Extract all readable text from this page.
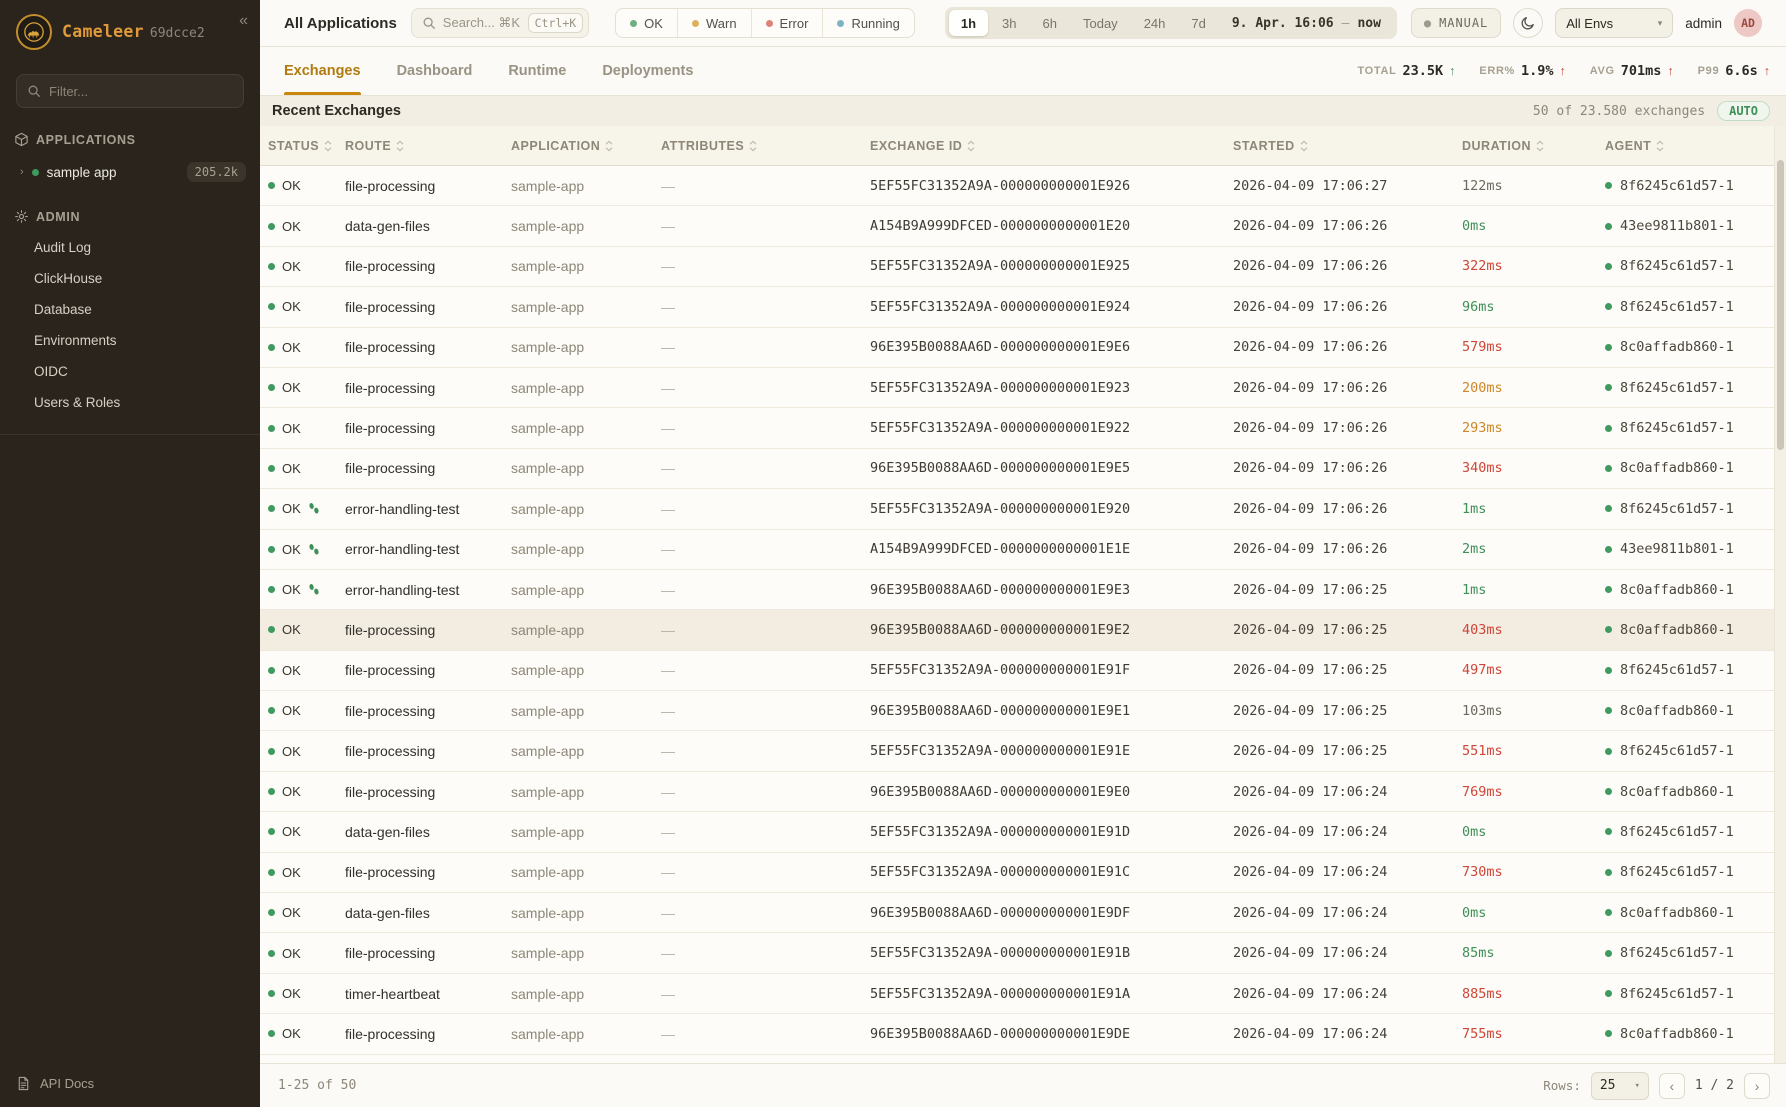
Cameleer 69dcce2
«
Filter...
APPLICATIONS
› sample app	205.2k
ADMIN
Audit Log
ClickHouse
Database
Environments
OIDC
Users & Roles
API Docs
All Applications	Search... ⌘K	Ctrl+K	OK	Warn	Error	Running	1h	3h	6h	Today	24h	7d	9. Apr. 16:06 – now	● MANUAL	All Envs	▾ admin	AD
Exchanges Dashboard Runtime Deployments	TOTAL 23.5K ↑ ERR% 1.9% ↑ AVG 701ms ↑ P99 6.6s ↑
Recent Exchanges	50 of 23.580 exchanges	AUTO
STATUS ROUTE	APPLICATION	ATTRIBUTES	EXCHANGE ID	STARTED	DURATION	AGENT
OK	file-processing	sample-app	—	5EF55FC31352A9A-000000000001E926	2026-04-09 17:06:27	122ms	8f6245c61d57-1
OK	data-gen-files	sample-app	—	A154B9A999DFCED-0000000000001E20	2026-04-09 17:06:26	0ms	43ee9811b801-1
OK	file-processing	sample-app	—	5EF55FC31352A9A-000000000001E925	2026-04-09 17:06:26	322ms	8f6245c61d57-1
OK	file-processing	sample-app	—	5EF55FC31352A9A-000000000001E924	2026-04-09 17:06:26	96ms	8f6245c61d57-1
OK	file-processing	sample-app	—	96E395B0088AA6D-000000000001E9E6	2026-04-09 17:06:26	579ms	8c0affadb860-1
OK	file-processing	sample-app	—	5EF55FC31352A9A-000000000001E923	2026-04-09 17:06:26	200ms	8f6245c61d57-1
OK	file-processing	sample-app	—	5EF55FC31352A9A-000000000001E922	2026-04-09 17:06:26	293ms	8f6245c61d57-1
OK	file-processing	sample-app	—	96E395B0088AA6D-000000000001E9E5	2026-04-09 17:06:26	340ms	8c0affadb860-1
OK	error-handling-test	sample-app	—	5EF55FC31352A9A-000000000001E920	2026-04-09 17:06:26	1ms	8f6245c61d57-1
OK	error-handling-test	sample-app	—	A154B9A999DFCED-0000000000001E1E	2026-04-09 17:06:26	2ms	43ee9811b801-1
OK	error-handling-test	sample-app	—	96E395B0088AA6D-000000000001E9E3	2026-04-09 17:06:25	1ms	8c0affadb860-1
OK	file-processing	sample-app	—	96E395B0088AA6D-000000000001E9E2	2026-04-09 17:06:25	403ms	8c0affadb860-1
OK	file-processing	sample-app	—	5EF55FC31352A9A-000000000001E91F	2026-04-09 17:06:25	497ms	8f6245c61d57-1
OK	file-processing	sample-app	—	96E395B0088AA6D-000000000001E9E1	2026-04-09 17:06:25	103ms	8c0affadb860-1
OK	file-processing	sample-app	—	5EF55FC31352A9A-000000000001E91E	2026-04-09 17:06:25	551ms	8f6245c61d57-1
OK	file-processing	sample-app	—	96E395B0088AA6D-000000000001E9E0	2026-04-09 17:06:24	769ms	8c0affadb860-1
OK	data-gen-files	sample-app	—	5EF55FC31352A9A-000000000001E91D	2026-04-09 17:06:24	0ms	8f6245c61d57-1
OK	file-processing	sample-app	—	5EF55FC31352A9A-000000000001E91C	2026-04-09 17:06:24	730ms	8f6245c61d57-1
OK	data-gen-files	sample-app	—	96E395B0088AA6D-000000000001E9DF	2026-04-09 17:06:24	0ms	8c0affadb860-1
OK	file-processing	sample-app	—	5EF55FC31352A9A-000000000001E91B	2026-04-09 17:06:24	85ms	8f6245c61d57-1
OK	timer-heartbeat	sample-app	—	5EF55FC31352A9A-000000000001E91A	2026-04-09 17:06:24	885ms	8f6245c61d57-1
OK	file-processing	sample-app	—	96E395B0088AA6D-000000000001E9DE	2026-04-09 17:06:24	755ms	8c0affadb860-1
1-25 of 50	Rows: 25 ▾	‹	1 / 2	›
